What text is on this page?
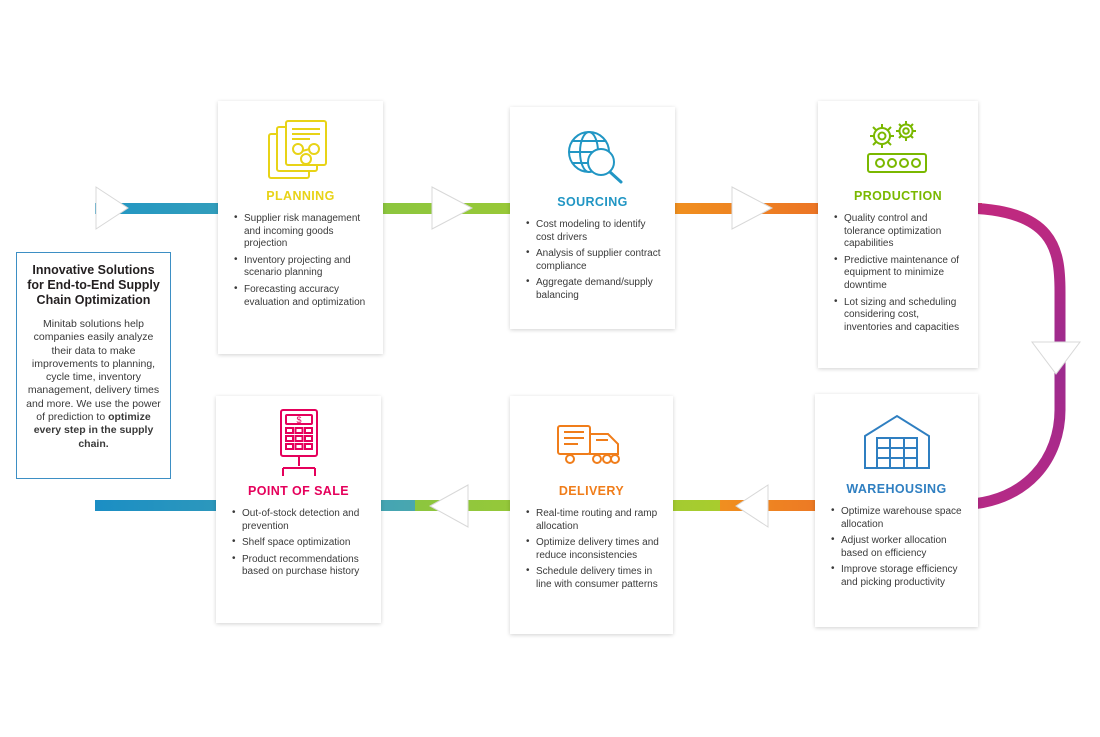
Innovative Solutions for End-to-End Supply Chain Optimization
Minitab solutions help companies easily analyze their data to make improvements to planning, cycle time, inventory management, delivery times and more. We use the power of prediction to optimize every step in the supply chain.
PLANNING
• Supplier risk management and incoming goods projection
• Inventory projecting and scenario planning
• Forecasting accuracy evaluation and optimization
SOURCING
• Cost modeling to identify cost drivers
• Analysis of supplier contract compliance
• Aggregate demand/supply balancing
PRODUCTION
• Quality control and tolerance optimization capabilities
• Predictive maintenance of equipment to minimize downtime
• Lot sizing and scheduling considering cost, inventories and capacities
$
POINT OF SALE
• Out-of-stock detection and prevention
• Shelf space optimization
• Product recommendations based on purchase history
DELIVERY
• Real-time routing and ramp allocation
• Optimize delivery times and reduce inconsistencies
• Schedule delivery times in line with consumer patterns
WAREHOUSING
• Optimize warehouse space allocation
• Adjust worker allocation based on efficiency
• Improve storage efficiency and picking productivity
